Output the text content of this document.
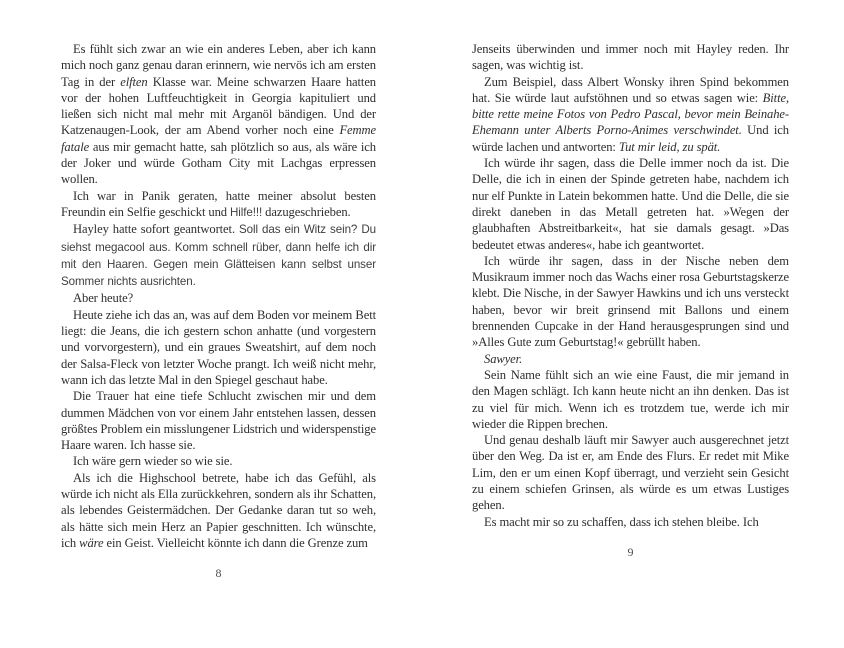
Es fühlt sich zwar an wie ein anderes Leben, aber ich kann mich noch ganz genau daran erinnern, wie nervös ich am ersten Tag in der elften Klasse war. Meine schwarzen Haare hatten vor der hohen Luftfeuchtigkeit in Georgia kapituliert und ließen sich nicht mal mehr mit Arganöl bändigen. Und der Katzenaugen-Look, der am Abend vorher noch eine Femme fatale aus mir gemacht hatte, sah plötzlich so aus, als wäre ich der Joker und würde Gotham City mit Lachgas erpressen wollen.

Ich war in Panik geraten, hatte meiner absolut besten Freundin ein Selfie geschickt und Hilfe!!! dazugeschrieben.

Hayley hatte sofort geantwortet. Soll das ein Witz sein? Du siehst megacool aus. Komm schnell rüber, dann helfe ich dir mit den Haaren. Gegen mein Glätteisen kann selbst unser Sommer nichts ausrichten.

Aber heute?

Heute ziehe ich das an, was auf dem Boden vor meinem Bett liegt: die Jeans, die ich gestern schon anhatte (und vorgestern und vorvorgestern), und ein graues Sweatshirt, auf dem noch der Salsa-Fleck von letzter Woche prangt. Ich weiß nicht mehr, wann ich das letzte Mal in den Spiegel geschaut habe.

Die Trauer hat eine tiefe Schlucht zwischen mir und dem dummen Mädchen von vor einem Jahr entstehen lassen, dessen größtes Problem ein misslungener Lidstrich und widerspenstige Haare waren. Ich hasse sie.

Ich wäre gern wieder so wie sie.

Als ich die Highschool betrete, habe ich das Gefühl, als würde ich nicht als Ella zurückkehren, sondern als ihr Schatten, als lebendes Geistermädchen. Der Gedanke daran tut so weh, als hätte sich mein Herz an Papier geschnitten. Ich wünschte, ich wäre ein Geist. Vielleicht könnte ich dann die Grenze zum

8

Jenseits überwinden und immer noch mit Hayley reden. Ihr sagen, was wichtig ist.

Zum Beispiel, dass Albert Wonsky ihren Spind bekommen hat. Sie würde laut aufstöhnen und so etwas sagen wie: Bitte, bitte rette meine Fotos von Pedro Pascal, bevor mein Beinahe-Ehemann unter Alberts Porno-Animes verschwindet. Und ich würde lachen und antworten: Tut mir leid, zu spät.

Ich würde ihr sagen, dass die Delle immer noch da ist. Die Delle, die ich in einen der Spinde getreten habe, nachdem ich nur elf Punkte in Latein bekommen hatte. Und die Delle, die sie direkt daneben in das Metall getreten hat. »Wegen der glaubhaften Abstreitbarkeit«, hat sie damals gesagt. »Das bedeutet etwas anderes«, habe ich geantwortet.

Ich würde ihr sagen, dass in der Nische neben dem Musikraum immer noch das Wachs einer rosa Geburtstagskerze klebt. Die Nische, in der Sawyer Hawkins und ich uns versteckt haben, bevor wir breit grinsend mit Ballons und einem brennenden Cupcake in der Hand herausgesprungen sind und »Alles Gute zum Geburtstag!« gebrüllt haben.

Sawyer.

Sein Name fühlt sich an wie eine Faust, die mir jemand in den Magen schlägt. Ich kann heute nicht an ihn denken. Das ist zu viel für mich. Wenn ich es trotzdem tue, werde ich mir wieder die Rippen brechen.

Und genau deshalb läuft mir Sawyer auch ausgerechnet jetzt über den Weg. Da ist er, am Ende des Flurs. Er redet mit Mike Lim, den er um einen Kopf überragt, und verzieht sein Gesicht zu einem schiefen Grinsen, als würde es um etwas Lustiges gehen.

Es macht mir so zu schaffen, dass ich stehen bleibe. Ich

9
